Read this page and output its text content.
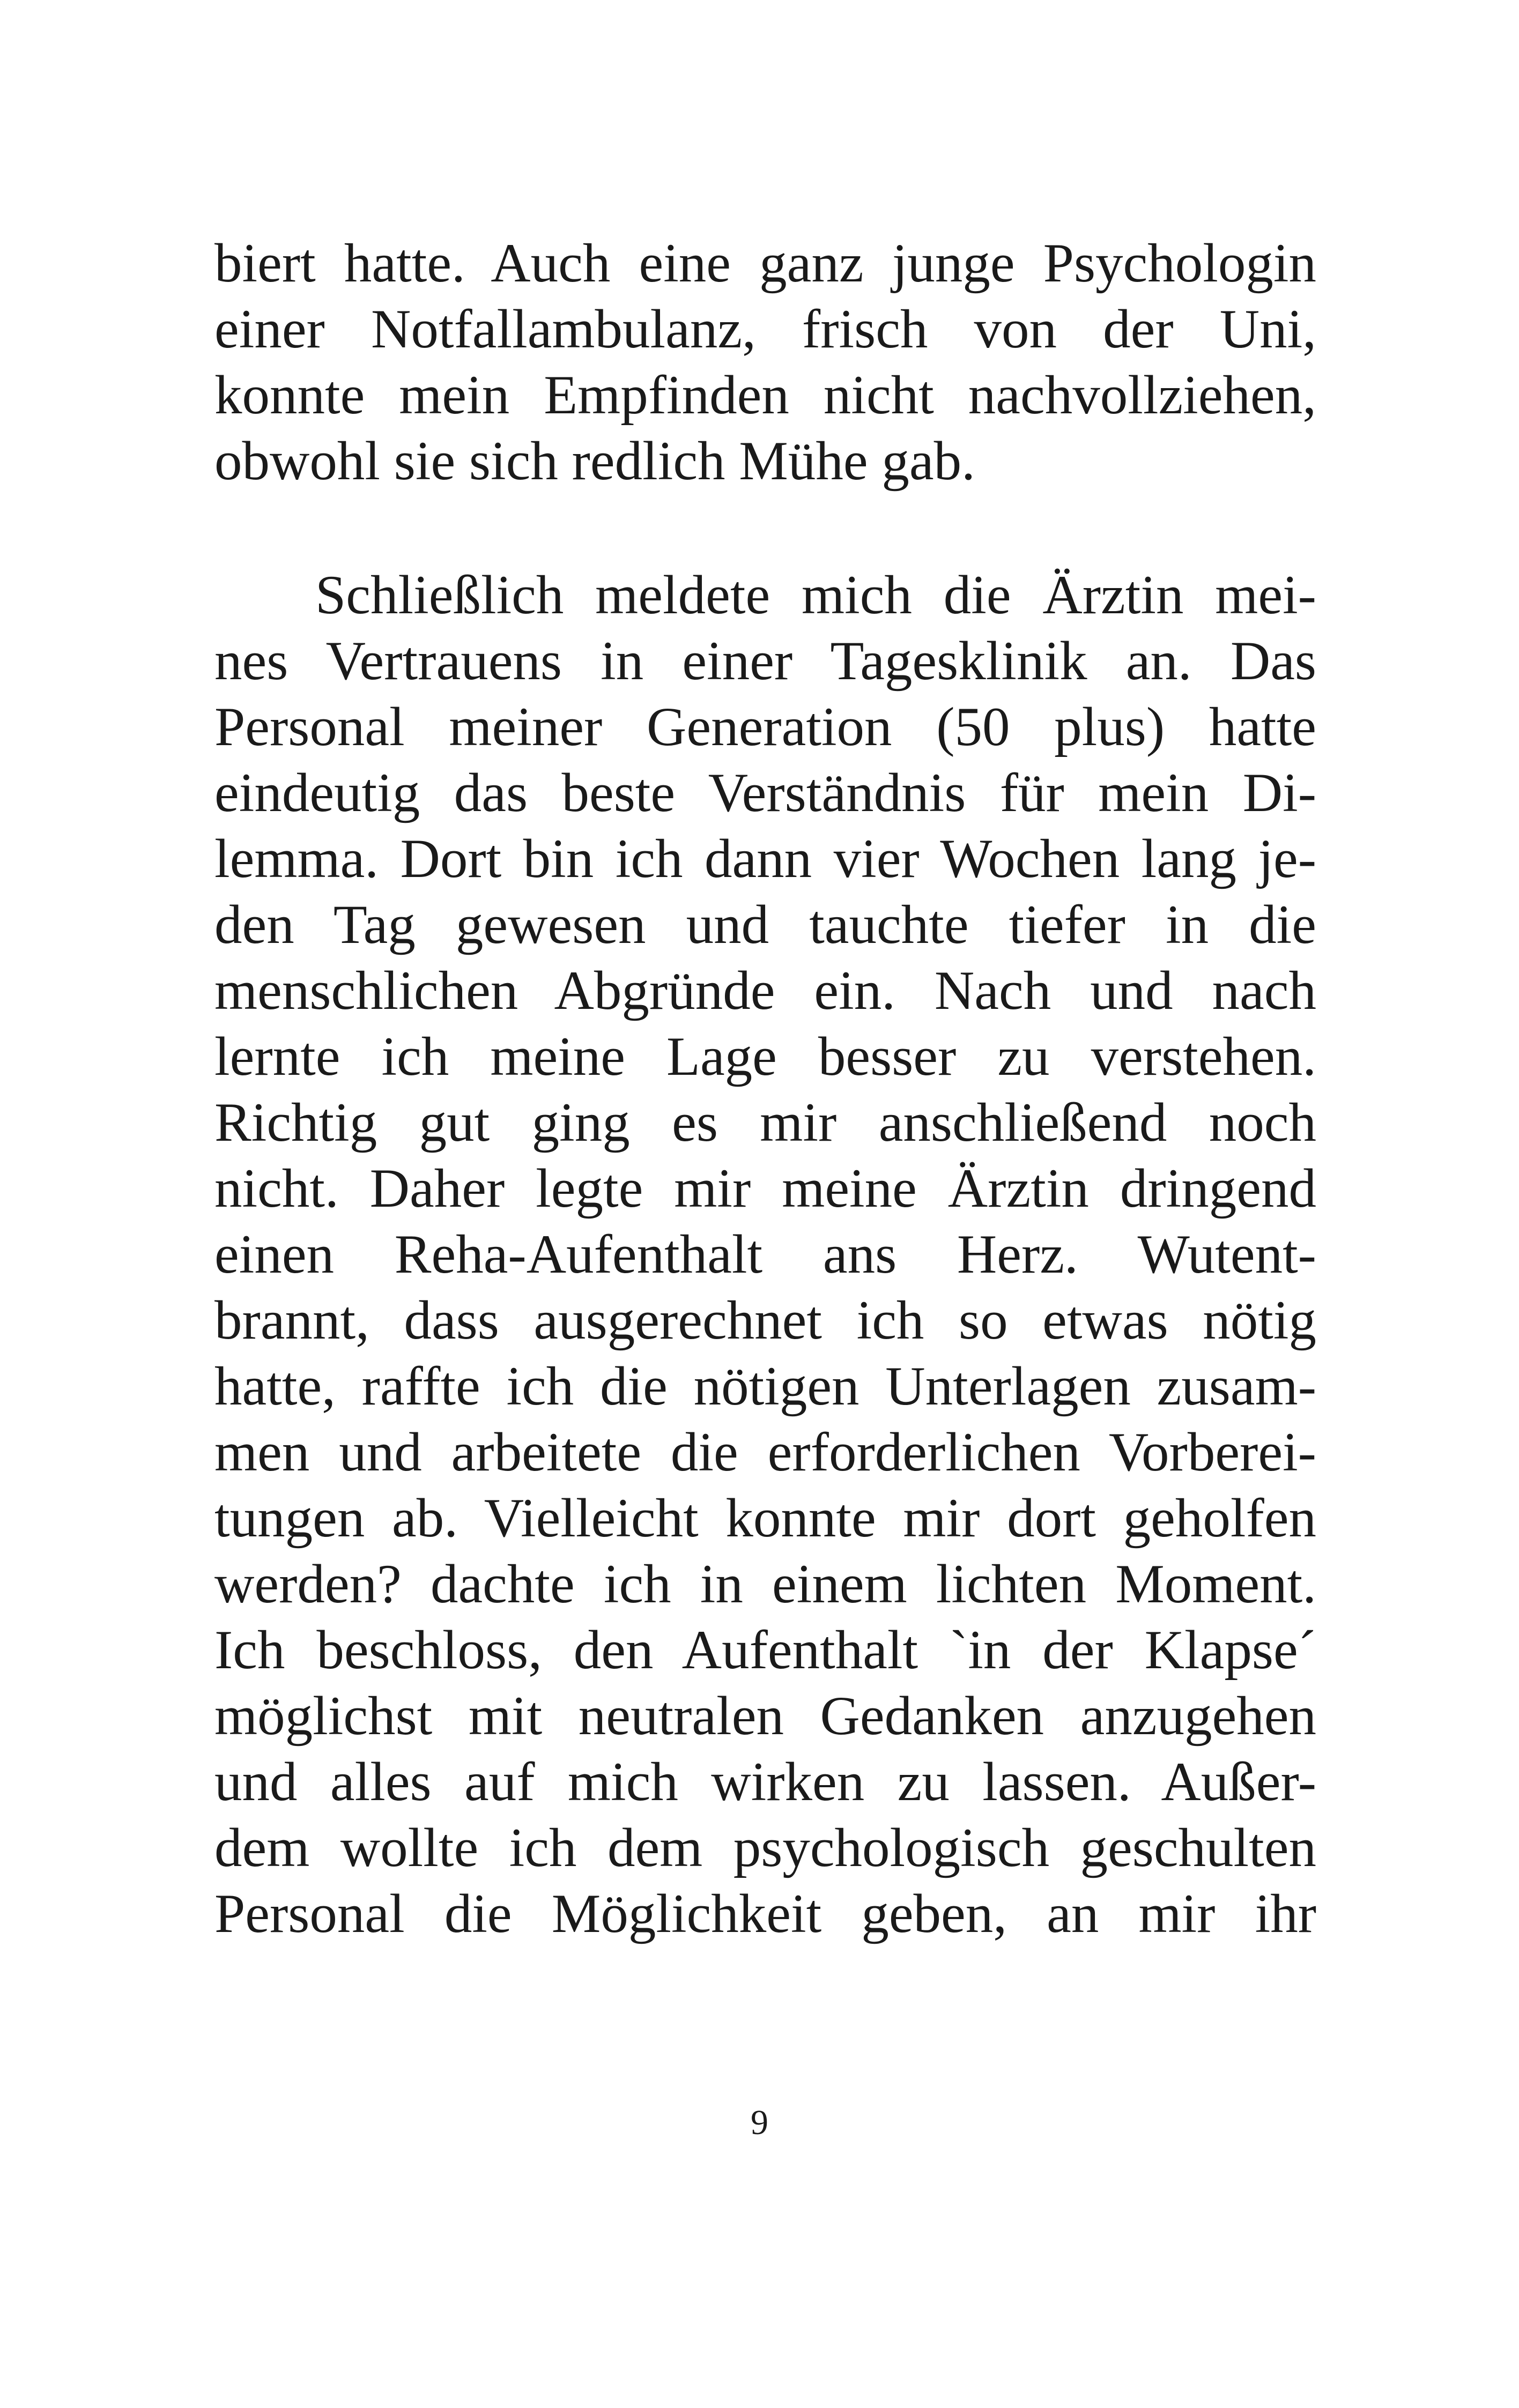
biert hatte. Auch eine ganz junge Psychologin
einer Notfallambulanz, frisch von der Uni,
konnte mein Empfinden nicht nachvollziehen,
obwohl sie sich redlich Mühe gab.
Schließlich meldete mich die Ärztin mei-
nes Vertrauens in einer Tagesklinik an. Das
Personal meiner Generation (50 plus) hatte
eindeutig das beste Verständnis für mein Di-
lemma. Dort bin ich dann vier Wochen lang je-
den Tag gewesen und tauchte tiefer in die
menschlichen Abgründe ein. Nach und nach
lernte ich meine Lage besser zu verstehen.
Richtig gut ging es mir anschließend noch
nicht. Daher legte mir meine Ärztin dringend
einen Reha-Aufenthalt ans Herz. Wutent-
brannt, dass ausgerechnet ich so etwas nötig
hatte, raffte ich die nötigen Unterlagen zusam-
men und arbeitete die erforderlichen Vorberei-
tungen ab. Vielleicht konnte mir dort geholfen
werden? dachte ich in einem lichten Moment.
Ich beschloss, den Aufenthalt `in der Klapse´
möglichst mit neutralen Gedanken anzugehen
und alles auf mich wirken zu lassen. Außer-
dem wollte ich dem psychologisch geschulten
Personal die Möglichkeit geben, an mir ihr
9
